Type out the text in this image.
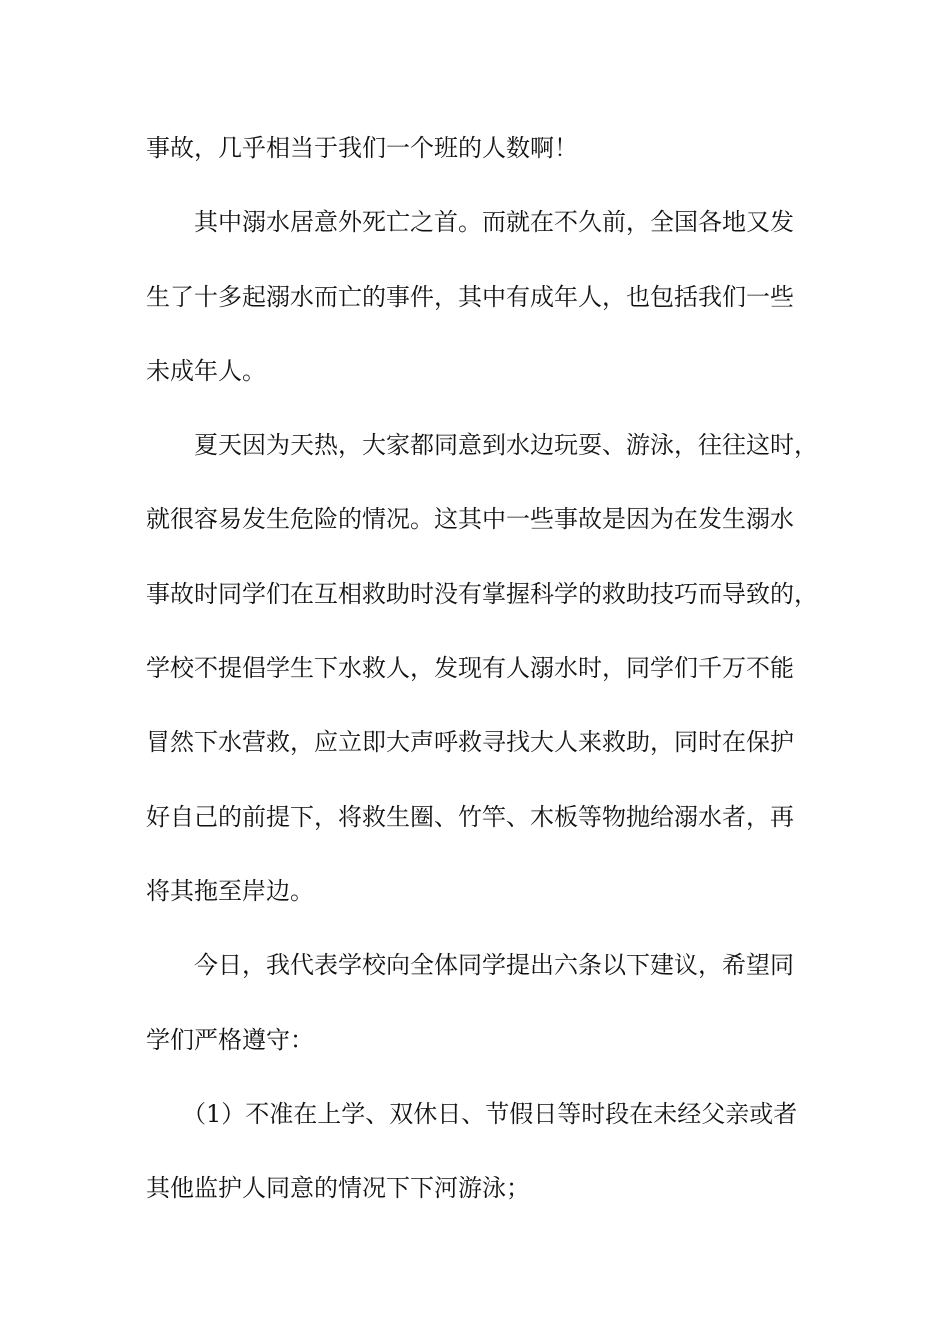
事故，几乎相当于我们一个班的人数啊！
其中溺水居意外死亡之首。而就在不久前，全国各地又发
生了十多起溺水而亡的事件，其中有成年人，也包括我们一些
未成年人。
夏天因为天热，大家都同意到水边玩耍、游泳，往往这时，
就很容易发生危险的情况。这其中一些事故是因为在发生溺水
事故时同学们在互相救助时没有掌握科学的救助技巧而导致的，
学校不提倡学生下水救人，发现有人溺水时，同学们千万不能
冒然下水营救，应立即大声呼救寻找大人来救助，同时在保护
好自己的前提下，将救生圈、竹竿、木板等物抛给溺水者，再
将其拖至岸边。
今日，我代表学校向全体同学提出六条以下建议，希望同
学们严格遵守：
（1）不准在上学、双休日、节假日等时段在未经父亲或者
其他监护人同意的情况下下河游泳；
